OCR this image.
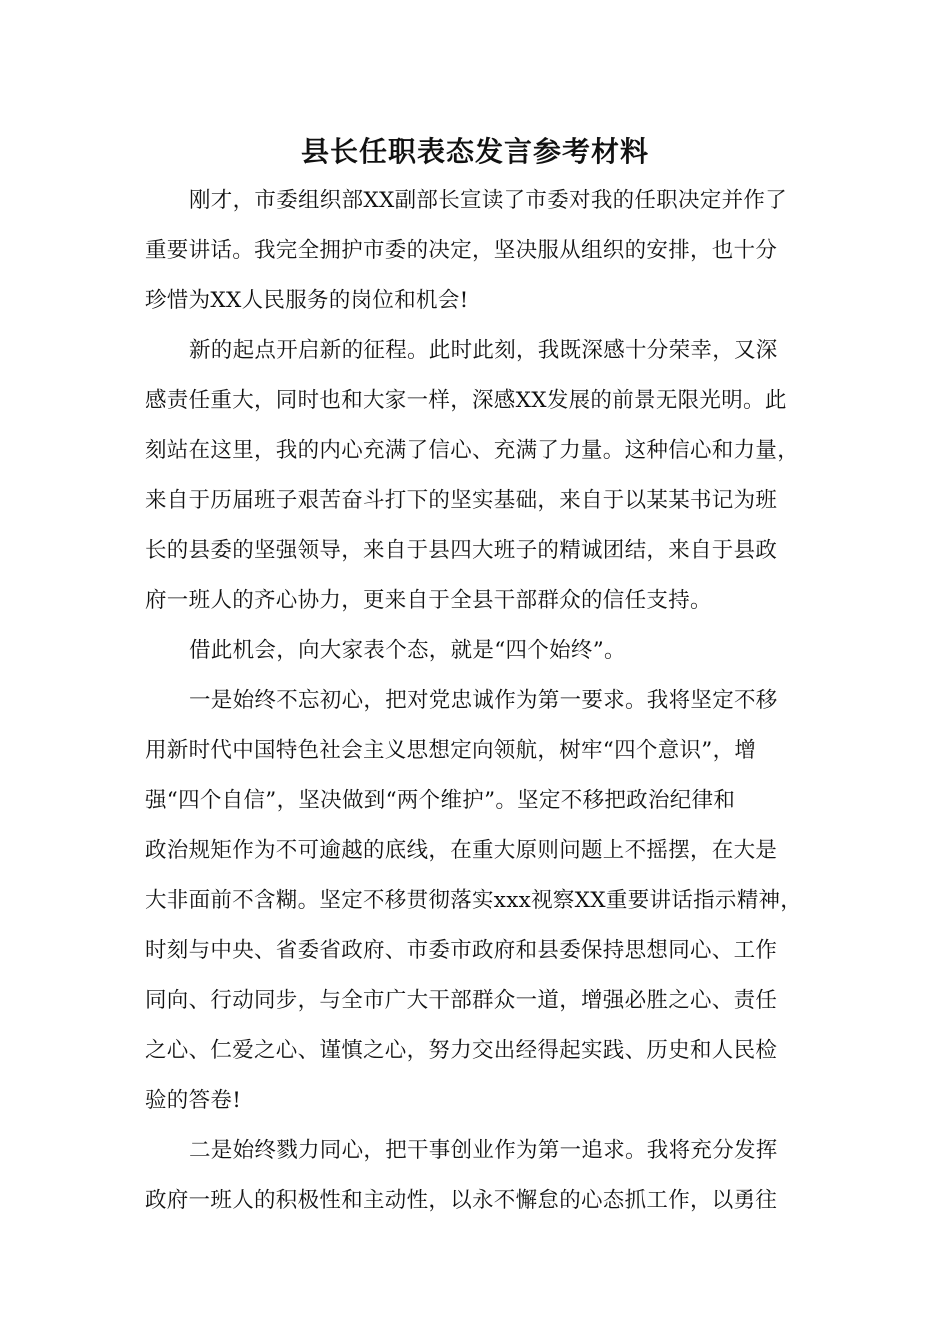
县长任职表态发言参考材料
刚才，市委组织部XX副部长宣读了市委对我的任职决定并作了
重要讲话。我完全拥护市委的决定，坚决服从组织的安排，也十分
珍惜为XX人民服务的岗位和机会!
新的起点开启新的征程。此时此刻，我既深感十分荣幸，又深
感责任重大，同时也和大家一样，深感XX发展的前景无限光明。此
刻站在这里，我的内心充满了信心、充满了力量。这种信心和力量，
来自于历届班子艰苦奋斗打下的坚实基础，来自于以某某书记为班
长的县委的坚强领导，来自于县四大班子的精诚团结，来自于县政
府一班人的齐心协力，更来自于全县干部群众的信任支持。
借此机会，向大家表个态，就是“四个始终”。
一是始终不忘初心，把对党忠诚作为第一要求。我将坚定不移
用新时代中国特色社会主义思想定向领航，树牢“四个意识”，增
强“四个自信”，坚决做到“两个维护”。坚定不移把政治纪律和
政治规矩作为不可逾越的底线，在重大原则问题上不摇摆，在大是
大非面前不含糊。坚定不移贯彻落实xxx视察XX重要讲话指示精神，
时刻与中央、省委省政府、市委市政府和县委保持思想同心、工作
同向、行动同步，与全市广大干部群众一道，增强必胜之心、责任
之心、仁爱之心、谨慎之心，努力交出经得起实践、历史和人民检
验的答卷!
二是始终戮力同心，把干事创业作为第一追求。我将充分发挥
政府一班人的积极性和主动性，以永不懈怠的心态抓工作，以勇往
